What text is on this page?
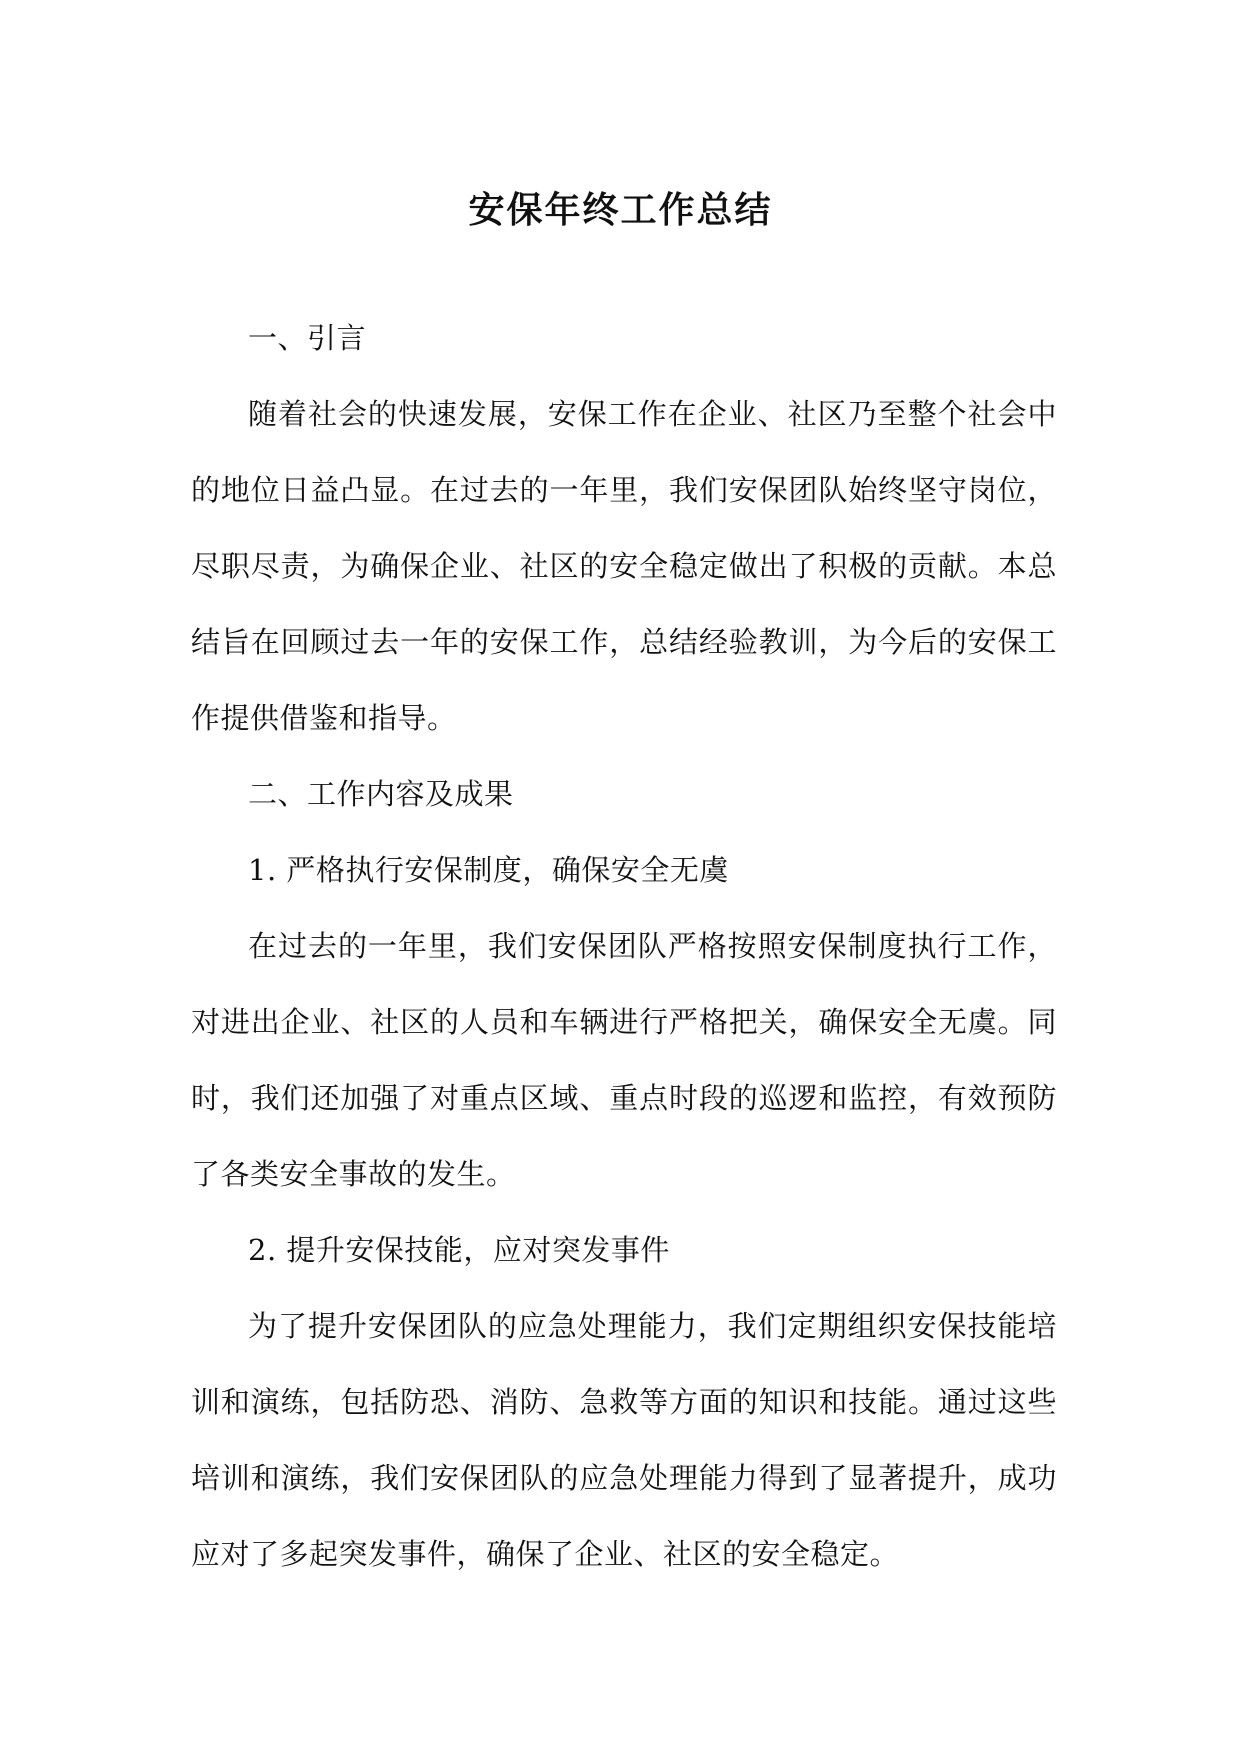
安保年终工作总结

一、引言

随着社会的快速发展，安保工作在企业、社区乃至整个社会中的地位日益凸显。在过去的一年里，我们安保团队始终坚守岗位，尽职尽责，为确保企业、社区的安全稳定做出了积极的贡献。本总结旨在回顾过去一年的安保工作，总结经验教训，为今后的安保工作提供借鉴和指导。

二、工作内容及成果

1. 严格执行安保制度，确保安全无虞

在过去的一年里，我们安保团队严格按照安保制度执行工作，对进出企业、社区的人员和车辆进行严格把关，确保安全无虞。同时，我们还加强了对重点区域、重点时段的巡逻和监控，有效预防了各类安全事故的发生。

2. 提升安保技能，应对突发事件

为了提升安保团队的应急处理能力，我们定期组织安保技能培训和演练，包括防恐、消防、急救等方面的知识和技能。通过这些培训和演练，我们安保团队的应急处理能力得到了显著提升，成功应对了多起突发事件，确保了企业、社区的安全稳定。
